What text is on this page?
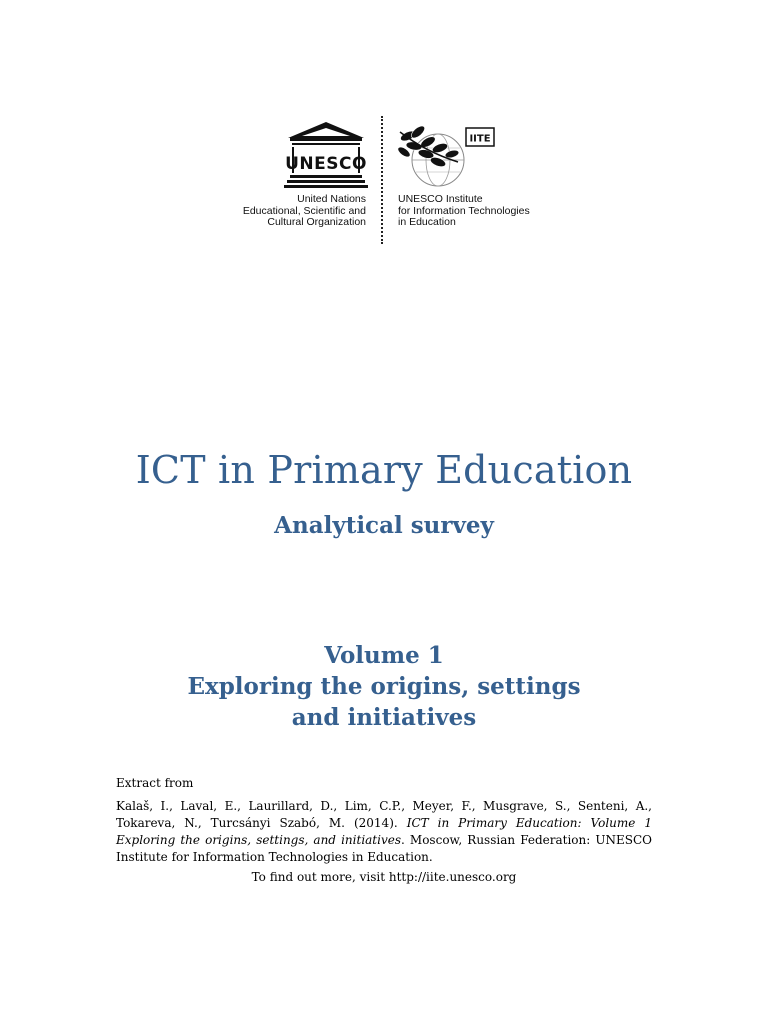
UNESCO
United Nations
Educational, Scientific and
Cultural Organization
IITE
UNESCO Institute
for Information Technologies
in Education
ICT in Primary Education
Analytical survey
Volume 1
Exploring the origins, settings
and initiatives
Extract from

Kalaš, I., Laval, E., Laurillard, D., Lim, C.P., Meyer, F., Musgrave, S., Senteni, A., Tokareva, N., Turcsányi Szabó, M. (2014). ICT in Primary Education: Volume 1 Exploring the origins, settings, and initiatives. Moscow, Russian Federation: UNESCO Institute for Information Technologies in Education.

To find out more, visit http://iite.unesco.org
